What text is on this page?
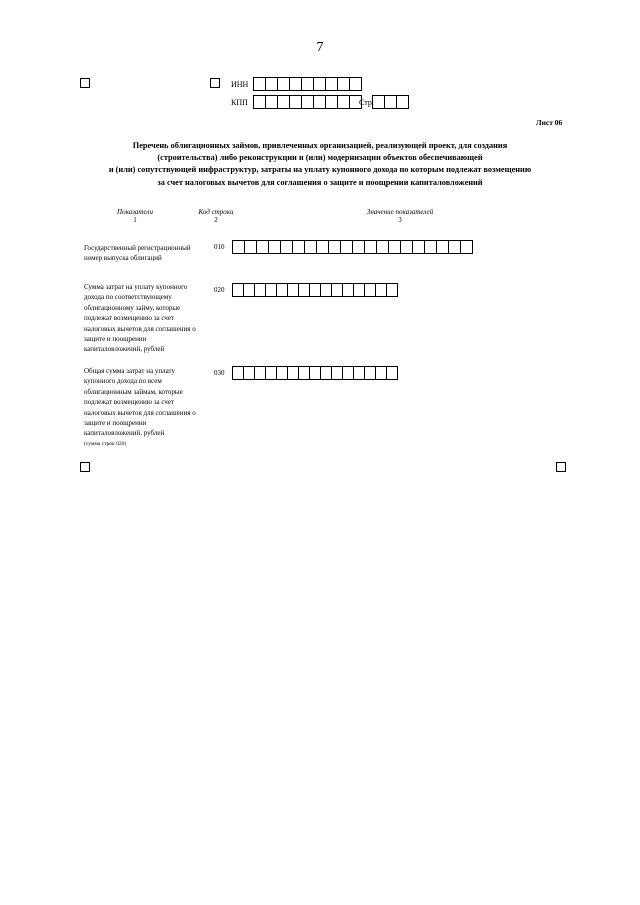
7
ИНН
КПП	Стр.
Лист 06
Перечень облигационных займов, привлеченных организацией, реализующей проект, для создания
(строительства) либо реконструкции и (или) модернизации объектов обеспечивающей
и (или) сопутствующей инфраструктур, затраты на уплату купонного дохода по которым подлежат возмещению
за счет налоговых вычетов для соглашения о защите и поощрении капиталовложений
Показатели
1
Код строки
2
Значение показателей
3
Государственный регистрационный
номер выпуска облигаций
010
Сумма затрат на уплату купонного
дохода по соответствующему
облигационному займу, которые
подлежат возмещению за счет
налоговых вычетов для соглашения о
защите и поощрении
капиталовложений, рублей
020
Общая сумма затрат на уплату
купонного дохода по всем
облигационным займам, которые
подлежат возмещению за счет
налоговых вычетов для соглашения о
защите и поощрении
капиталовложений, рублей
(сумма строк 020)
030
